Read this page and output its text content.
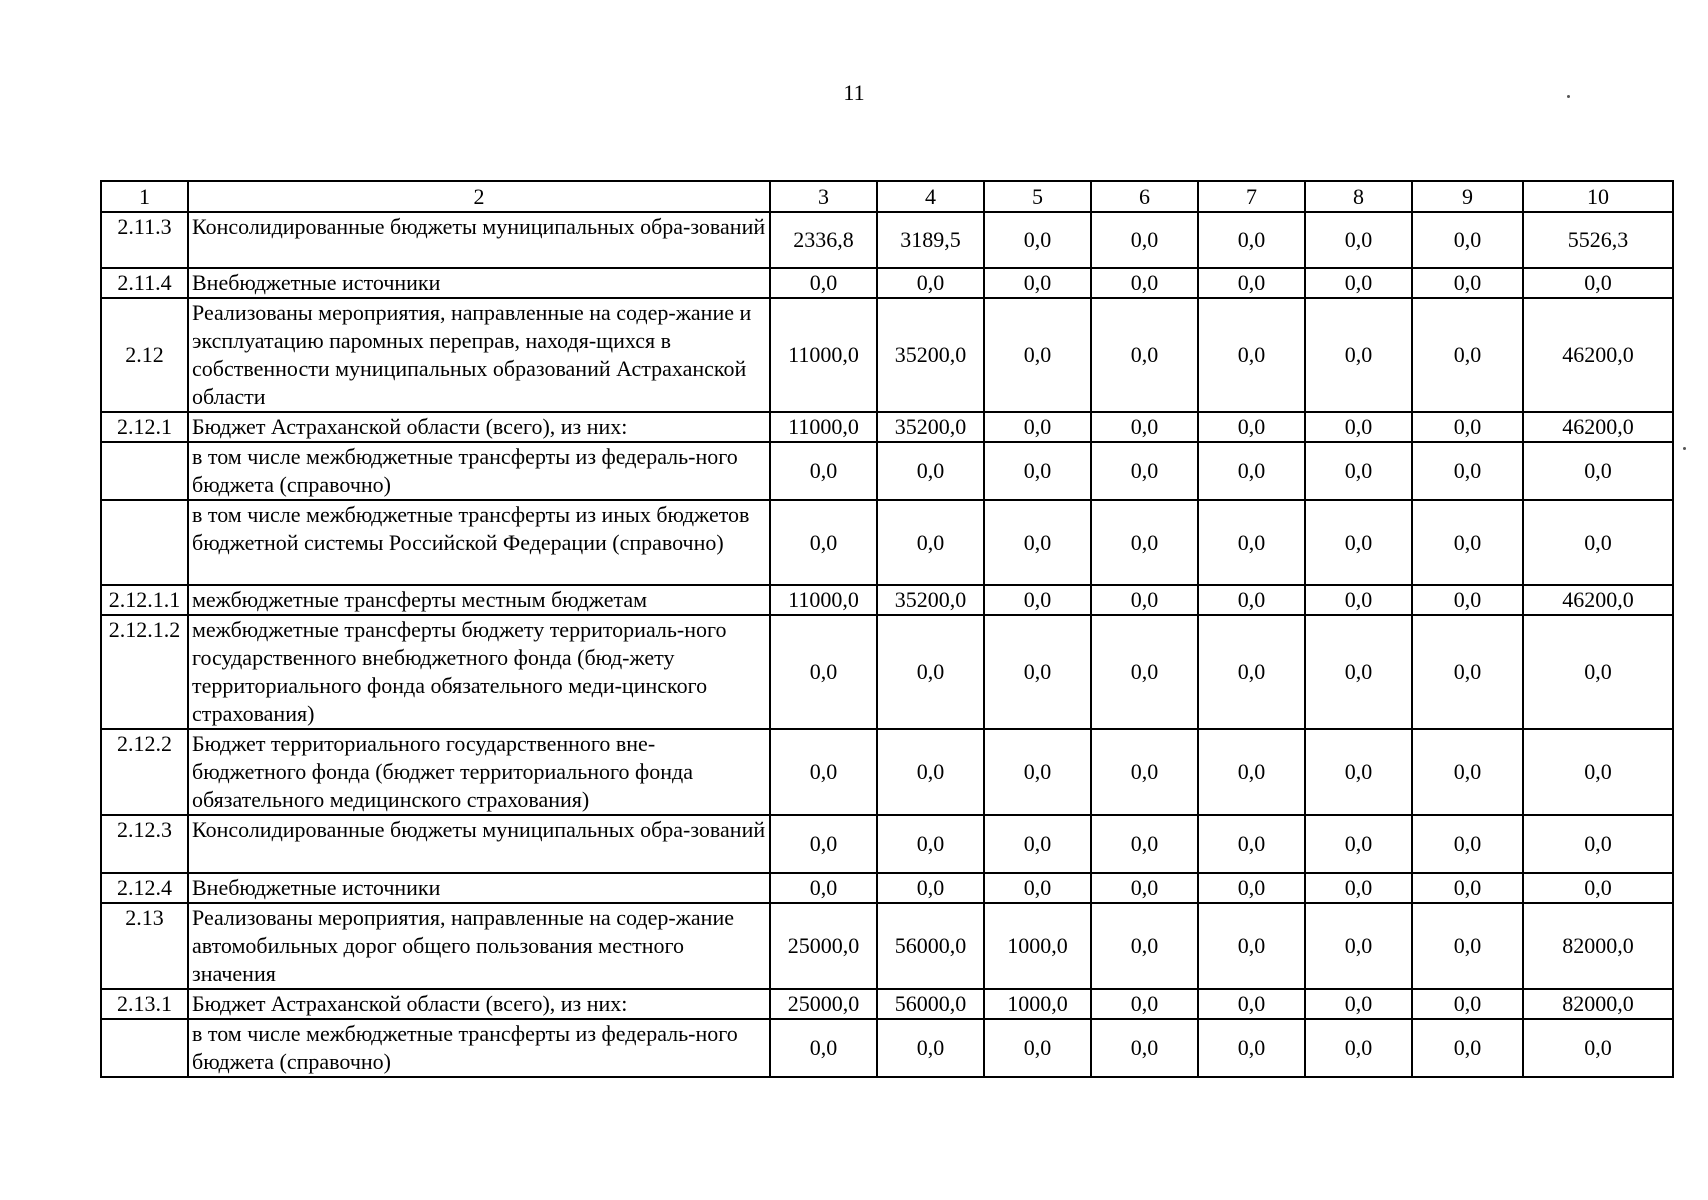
11
1	2	3	4	5	6	7	8	9	10
2.11.3	Консолидированные бюджеты муниципальных обра-зований	2336,8	3189,5	0,0	0,0	0,0	0,0	0,0	5526,3
2.11.4	Внебюджетные источники	0,0	0,0	0,0	0,0	0,0	0,0	0,0	0,0
2.12	Реализованы мероприятия, направленные на содер-жание и эксплуатацию паромных переправ, находя-щихся в собственности муниципальных образований Астраханской области	11000,0	35200,0	0,0	0,0	0,0	0,0	0,0	46200,0
2.12.1	Бюджет Астраханской области (всего), из них:	11000,0	35200,0	0,0	0,0	0,0	0,0	0,0	46200,0
	в том числе межбюджетные трансферты из федераль-ного бюджета (справочно)	0,0	0,0	0,0	0,0	0,0	0,0	0,0	0,0
	в том числе межбюджетные трансферты из иных бюджетов бюджетной системы Российской Федерации (справочно)	0,0	0,0	0,0	0,0	0,0	0,0	0,0	0,0
2.12.1.1	межбюджетные трансферты местным бюджетам	11000,0	35200,0	0,0	0,0	0,0	0,0	0,0	46200,0
2.12.1.2	межбюджетные трансферты бюджету территориаль-ного государственного внебюджетного фонда (бюд-жету территориального фонда обязательного меди-цинского страхования)	0,0	0,0	0,0	0,0	0,0	0,0	0,0	0,0
2.12.2	Бюджет территориального государственного вне-бюджетного фонда (бюджет территориального фонда обязательного медицинского страхования)	0,0	0,0	0,0	0,0	0,0	0,0	0,0	0,0
2.12.3	Консолидированные бюджеты муниципальных обра-зований	0,0	0,0	0,0	0,0	0,0	0,0	0,0	0,0
2.12.4	Внебюджетные источники	0,0	0,0	0,0	0,0	0,0	0,0	0,0	0,0
2.13	Реализованы мероприятия, направленные на содер-жание автомобильных дорог общего пользования местного значения	25000,0	56000,0	1000,0	0,0	0,0	0,0	0,0	82000,0
2.13.1	Бюджет Астраханской области (всего), из них:	25000,0	56000,0	1000,0	0,0	0,0	0,0	0,0	82000,0
	в том числе межбюджетные трансферты из федераль-ного бюджета (справочно)	0,0	0,0	0,0	0,0	0,0	0,0	0,0	0,0
